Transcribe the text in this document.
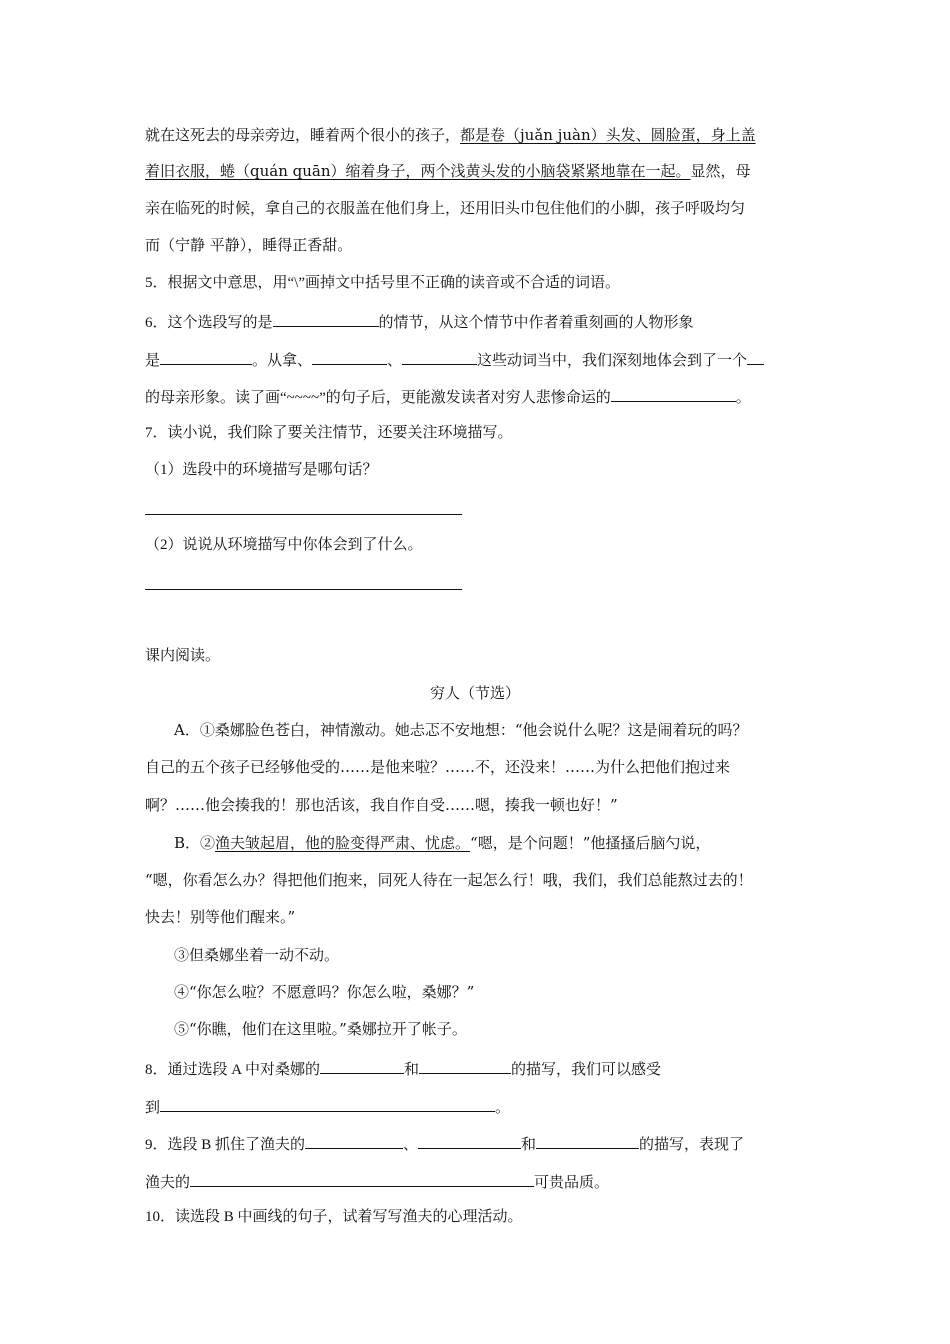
就在这死去的母亲旁边，睡着两个很小的孩子，都是卷（juǎn juàn）头发、圆脸蛋，身上盖
着旧衣服，蜷（quán quān）缩着身子，两个浅黄头发的小脑袋紧紧地靠在一起。显然，母
亲在临死的时候，拿自己的衣服盖在他们身上，还用旧头巾包住他们的小脚，孩子呼吸均匀
而（宁静 平静），睡得正香甜。
5．根据文中意思，用“\”画掉文中括号里不正确的读音或不合适的词语。
6．这个选段写的是	的情节，从这个情节中作者着重刻画的人物形象
是	。从拿、	、	这些动词当中，我们深刻地体会到了一个
的母亲形象。读了画“~~~~”的句子后，更能激发读者对穷人悲惨命运的	。
7．读小说，我们除了要关注情节，还要关注环境描写。
（1）选段中的环境描写是哪句话？
（2）说说从环境描写中你体会到了什么。
课内阅读。
穷人（节选）
A．①桑娜脸色苍白，神情激动。她忐忑不安地想：“他会说什么呢？这是闹着玩的吗？
自己的五个孩子已经够他受的……是他来啦？……不，还没来！……为什么把他们抱过来
啊？……他会揍我的！那也活该，我自作自受……嗯，揍我一顿也好！”
B．②渔夫皱起眉，他的脸变得严肃、忧虑。“嗯，是个问题！”他搔搔后脑勺说，
“嗯，你看怎么办？得把他们抱来，同死人待在一起怎么行！哦，我们，我们总能熬过去的！
快去！别等他们醒来。”
③但桑娜坐着一动不动。
④“你怎么啦？不愿意吗？你怎么啦，桑娜？”
⑤“你瞧，他们在这里啦。”桑娜拉开了帐子。
8．通过选段 A 中对桑娜的	和	的描写，我们可以感受
到	。
9．选段 B 抓住了渔夫的	、	和	的描写，表现了
渔夫的	可贵品质。
10．读选段 B 中画线的句子，试着写写渔夫的心理活动。
